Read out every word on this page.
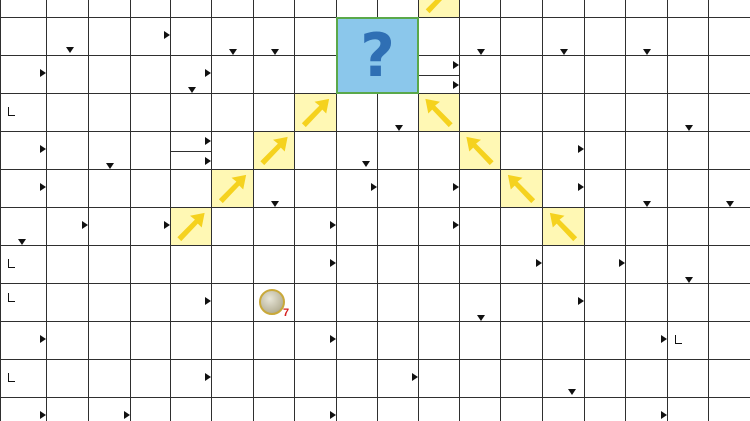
?
7
